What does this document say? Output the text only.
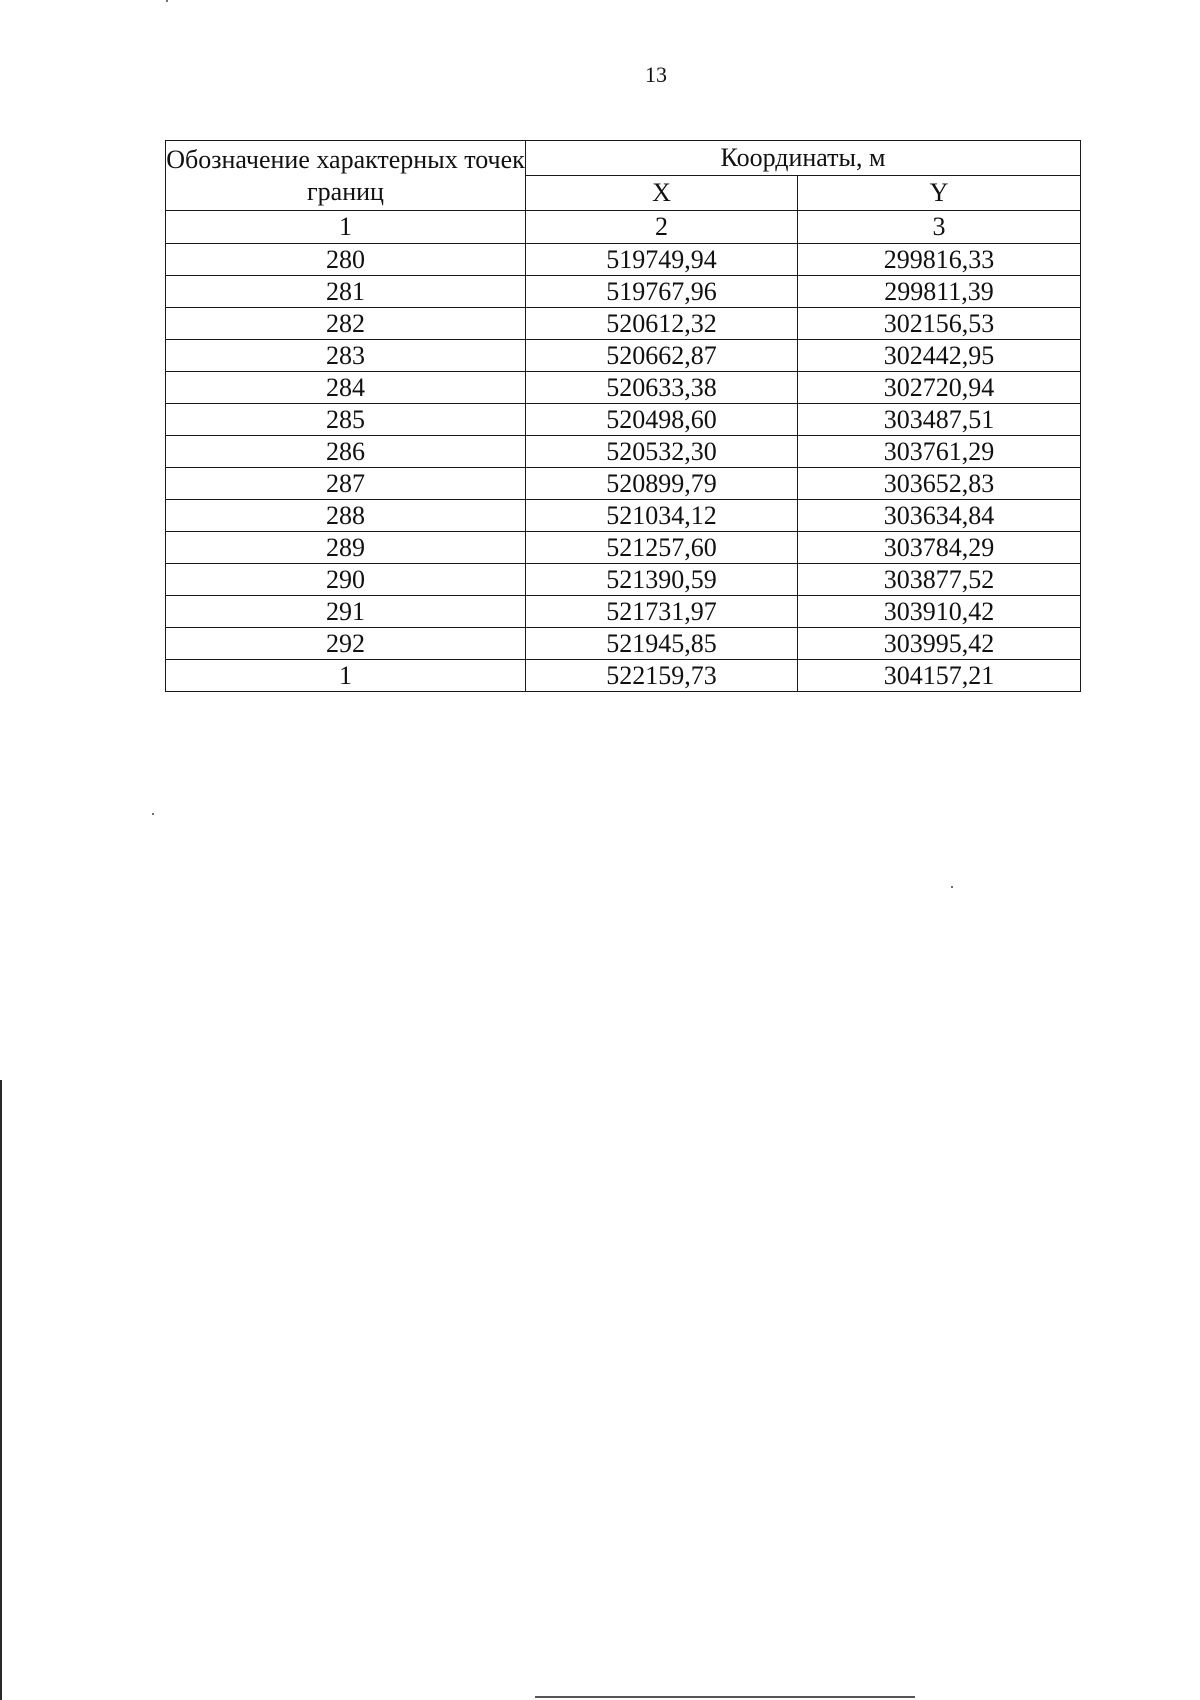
13
Обозначение характерных точек границ	Координаты, м	
	X	Y
1	2	3
280	519749,94	299816,33
281	519767,96	299811,39
282	520612,32	302156,53
283	520662,87	302442,95
284	520633,38	302720,94
285	520498,60	303487,51
286	520532,30	303761,29
287	520899,79	303652,83
288	521034,12	303634,84
289	521257,60	303784,29
290	521390,59	303877,52
291	521731,97	303910,42
292	521945,85	303995,42
1	522159,73	304157,21
